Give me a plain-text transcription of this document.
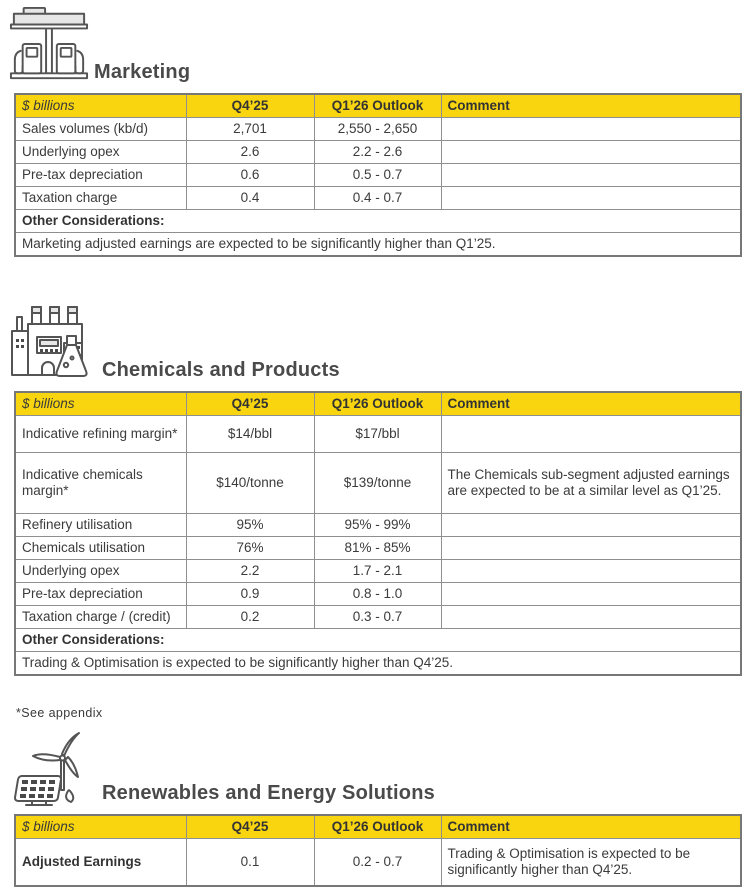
Marketing
$ billions	Q4’25	Q1’26 Outlook	Comment
Sales volumes (kb/d)	2,701	2,550 - 2,650	
Underlying opex	2.6	2.2 - 2.6	
Pre-tax depreciation	0.6	0.5 - 0.7	
Taxation charge	0.4	0.4 - 0.7	
Other Considerations:			
Marketing adjusted earnings are expected to be significantly higher than Q1’25.			
Chemicals and Products
$ billions	Q4’25	Q1’26 Outlook	Comment
Indicative refining margin*	$14/bbl	$17/bbl	
Indicative chemicals margin*	$140/tonne	$139/tonne	The Chemicals sub-segment adjusted earnings are expected to be at a similar level as Q1’25.
Refinery utilisation	95%	95% - 99%	
Chemicals utilisation	76%	81% - 85%	
Underlying opex	2.2	1.7 - 2.1	
Pre-tax depreciation	0.9	0.8 - 1.0	
Taxation charge / (credit)	0.2	0.3 - 0.7	
Other Considerations:			
Trading & Optimisation is expected to be significantly higher than Q4’25.			
*See appendix
Renewables and Energy Solutions
$ billions	Q4’25	Q1’26 Outlook	Comment
Adjusted Earnings	0.1	0.2 - 0.7	Trading & Optimisation is expected to be significantly higher than Q4’25.
